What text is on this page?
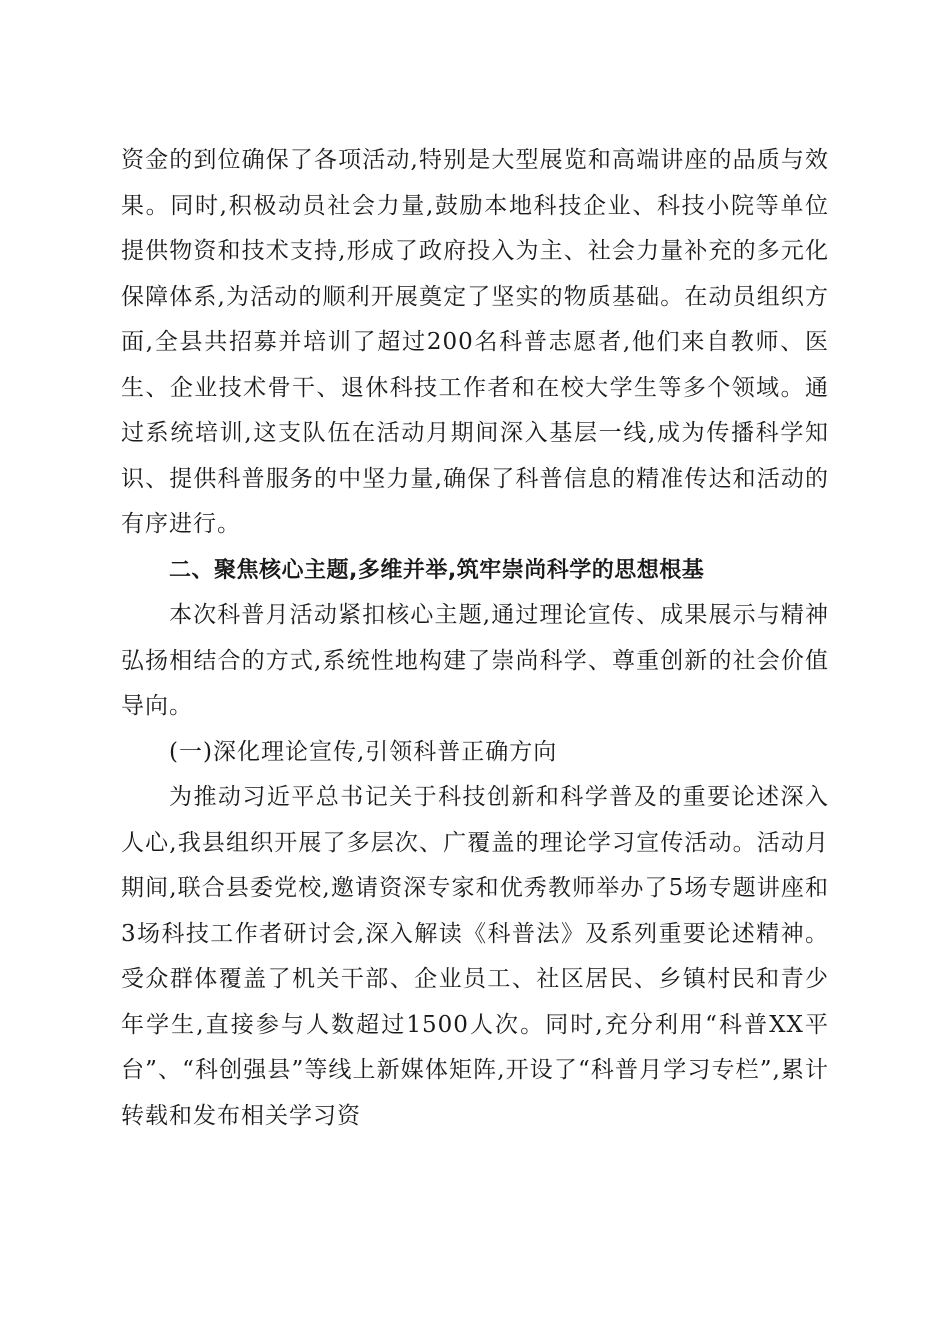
资金的到位确保了各项活动,特别是大型展览和高端讲座的品质与效果。同时,积极动员社会力量,鼓励本地科技企业、科技小院等单位提供物资和技术支持,形成了政府投入为主、社会力量补充的多元化保障体系,为活动的顺利开展奠定了坚实的物质基础。在动员组织方面,全县共招募并培训了超过200名科普志愿者,他们来自教师、医生、企业技术骨干、退休科技工作者和在校大学生等多个领域。通过系统培训,这支队伍在活动月期间深入基层一线,成为传播科学知识、提供科普服务的中坚力量,确保了科普信息的精准传达和活动的有序进行。

二、聚焦核心主题,多维并举,筑牢崇尚科学的思想根基

本次科普月活动紧扣核心主题,通过理论宣传、成果展示与精神弘扬相结合的方式,系统性地构建了崇尚科学、尊重创新的社会价值导向。

(一)深化理论宣传,引领科普正确方向

为推动习近平总书记关于科技创新和科学普及的重要论述深入人心,我县组织开展了多层次、广覆盖的理论学习宣传活动。活动月期间,联合县委党校,邀请资深专家和优秀教师举办了5场专题讲座和3场科技工作者研讨会,深入解读《科普法》及系列重要论述精神。受众群体覆盖了机关干部、企业员工、社区居民、乡镇村民和青少年学生,直接参与人数超过1500人次。同时,充分利用“科普XX平台”、“科创强县”等线上新媒体矩阵,开设了“科普月学习专栏”,累计转载和发布相关学习资
